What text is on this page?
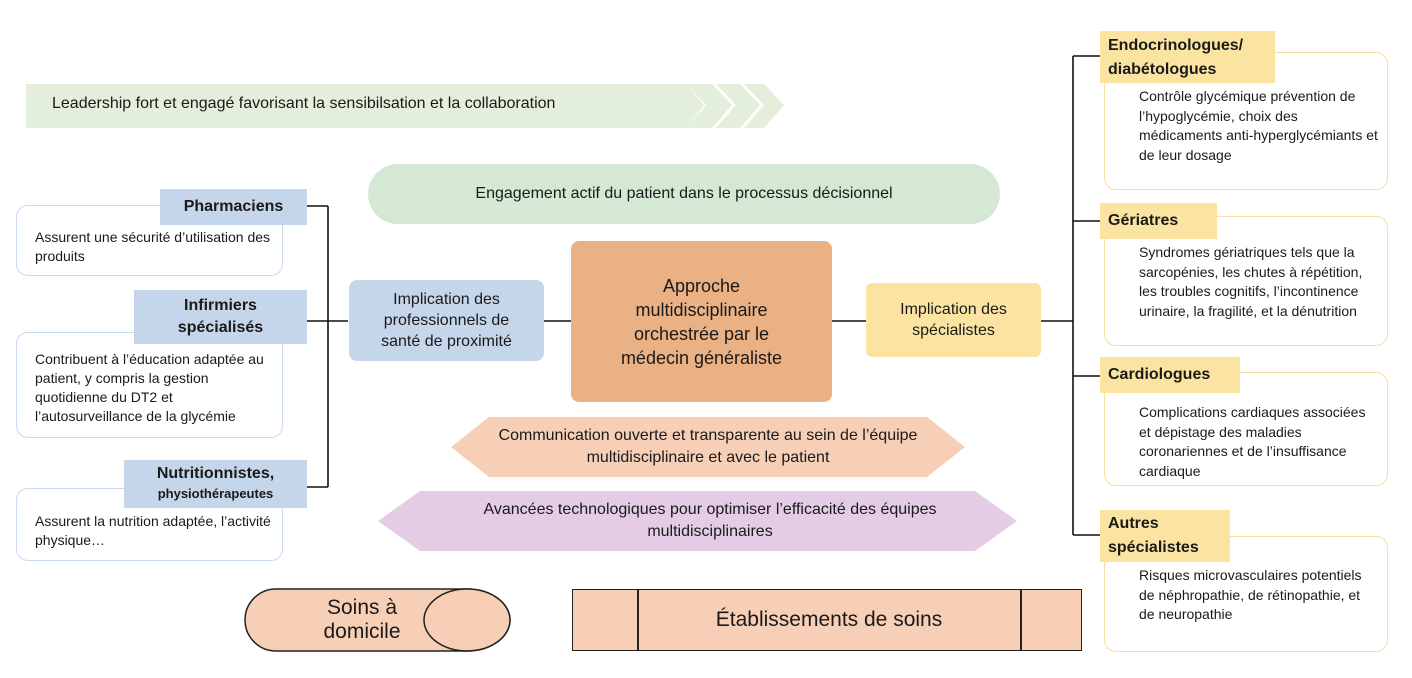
Leadership fort et engagé favorisant la sensibilsation et la collaboration
Engagement actif du patient dans le processus décisionnel
Approche multidisciplinaire orchestrée par le médecin généraliste
Implication des professionnels de santé de proximité
Implication des spécialistes
Communication ouverte et transparente au sein de l’équipe multidisciplinaire et avec le patient
Avancées technologiques pour optimiser l’efficacité des équipes multidisciplinaires
Soins à domicile
Établissements de soins
Assurent une sécurité d’utilisation des produits
Pharmaciens
Contribuent à l’éducation adaptée au patient, y compris la gestion quotidienne du DT2 et l’autosurveillance de la glycémie
Infirmiers spécialisés
Assurent la nutrition adaptée, l’activité physique…
Nutritionnistes,
physiothérapeutes
Contrôle glycémique prévention de l’hypoglycémie, choix des médicaments anti-hyperglycémiants et de leur dosage
Endocrinologues/ diabétologues
Syndromes gériatriques tels que la sarcopénies, les chutes à répétition, les troubles cognitifs, l’incontinence urinaire, la fragilité, et la dénutrition
Gériatres
Complications cardiaques associées et dépistage des maladies coronariennes et de l’insuffisance cardiaque
Cardiologues
Risques microvasculaires potentiels de néphropathie, de rétinopathie, et de neuropathie
Autres spécialistes
